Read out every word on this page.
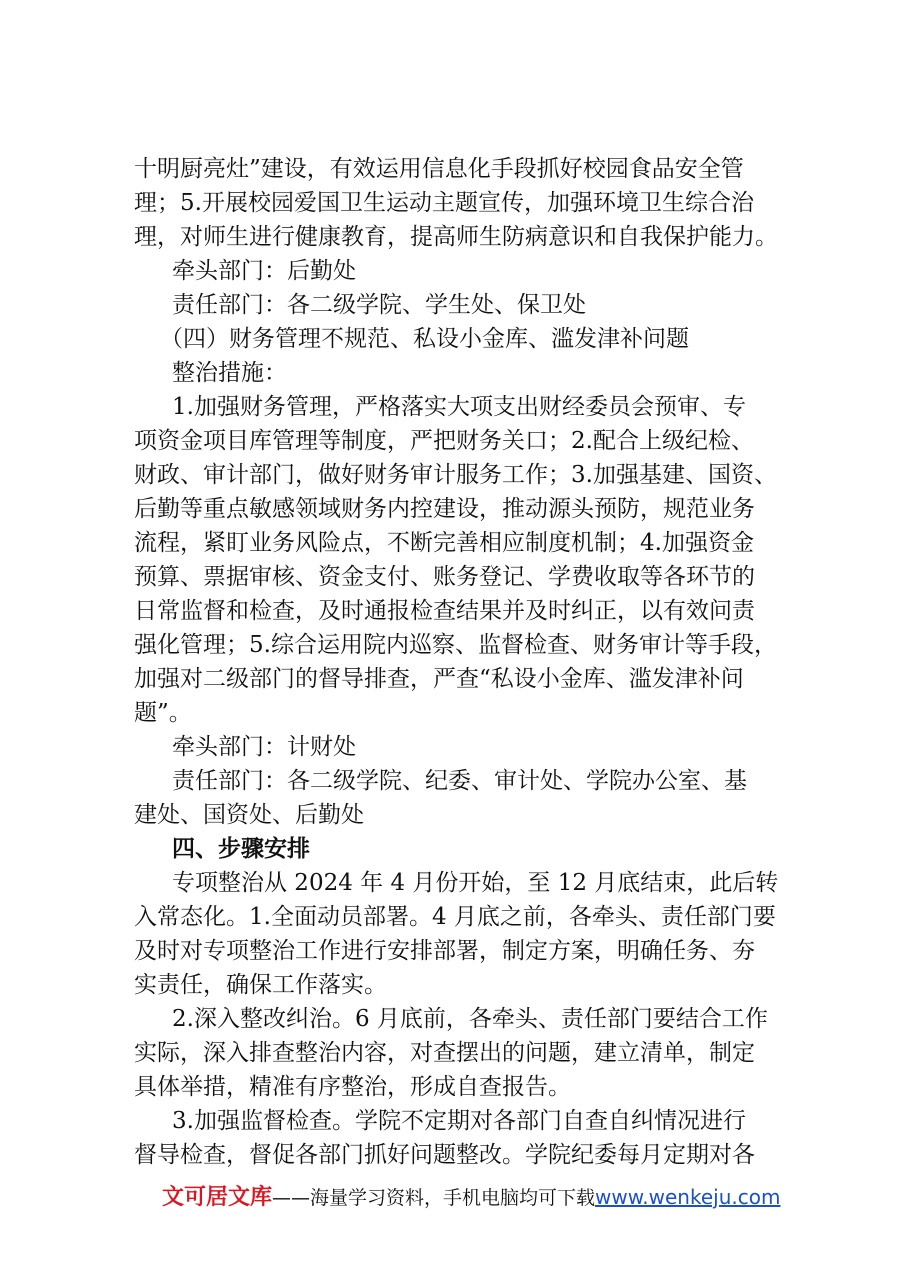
十明厨亮灶”建设，有效运用信息化手段抓好校园食品安全管
理；5.开展校园爱国卫生运动主题宣传，加强环境卫生综合治
理，对师生进行健康教育，提高师生防病意识和自我保护能力。
牵头部门：后勤处
责任部门：各二级学院、学生处、保卫处
（四）财务管理不规范、私设小金库、滥发津补问题
整治措施：
1.加强财务管理，严格落实大项支出财经委员会预审、专
项资金项目库管理等制度，严把财务关口；2.配合上级纪检、
财政、审计部门，做好财务审计服务工作；3.加强基建、国资、
后勤等重点敏感领域财务内控建设，推动源头预防，规范业务
流程，紧盯业务风险点，不断完善相应制度机制；4.加强资金
预算、票据审核、资金支付、账务登记、学费收取等各环节的
日常监督和检查，及时通报检查结果并及时纠正，以有效问责
强化管理；5.综合运用院内巡察、监督检查、财务审计等手段，
加强对二级部门的督导排查，严查“私设小金库、滥发津补问
题”。
牵头部门：计财处
责任部门：各二级学院、纪委、审计处、学院办公室、基
建处、国资处、后勤处
四、步骤安排
专项整治从 2024 年 4 月份开始，至 12 月底结束，此后转
入常态化。1.全面动员部署。4 月底之前，各牵头、责任部门要
及时对专项整治工作进行安排部署，制定方案，明确任务、夯
实责任，确保工作落实。
2.深入整改纠治。6 月底前，各牵头、责任部门要结合工作
实际，深入排查整治内容，对查摆出的问题，建立清单，制定
具体举措，精准有序整治，形成自查报告。
3.加强监督检查。学院不定期对各部门自查自纠情况进行
督导检查，督促各部门抓好问题整改。学院纪委每月定期对各
文可居文库——海量学习资料，手机电脑均可下载www.wenkeju.com
